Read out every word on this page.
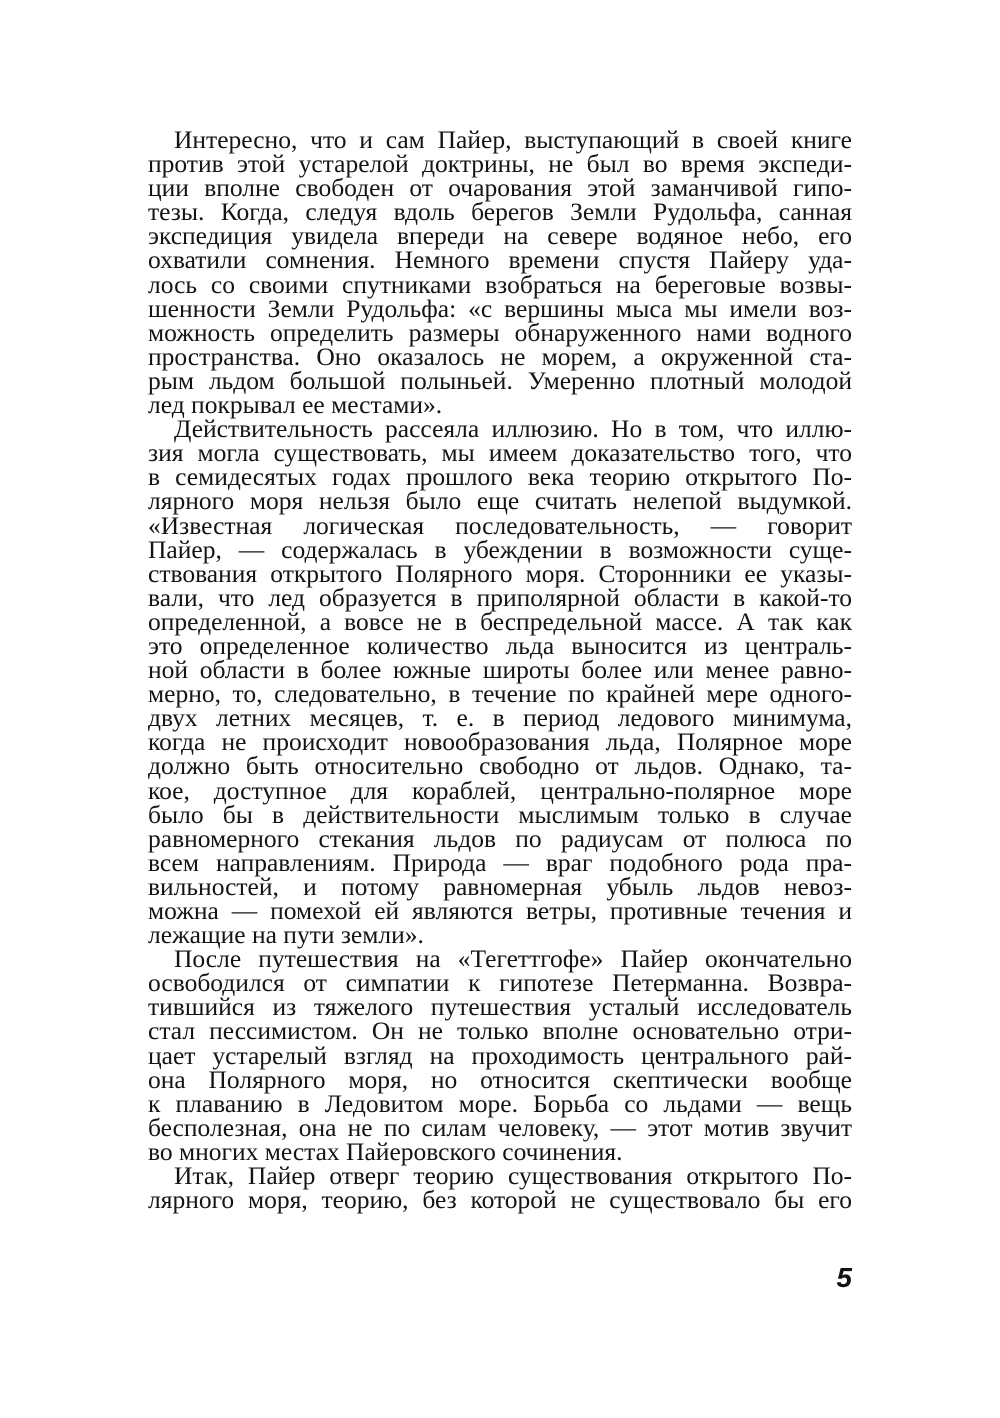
Интересно, что и сам Пайер, выступающий в своей книге
против этой устарелой доктрины, не был во время экспеди-
ции вполне свободен от очарования этой заманчивой гипо-
тезы. Когда, следуя вдоль берегов Земли Рудольфа, санная
экспедиция увидела впереди на севере водяное небо, его
охватили сомнения. Немного времени спустя Пайеру уда-
лось со своими спутниками взобраться на береговые возвы-
шенности Земли Рудольфа: «с вершины мыса мы имели воз-
можность определить размеры обнаруженного нами водного
пространства. Оно оказалось не морем, а окруженной ста-
рым льдом большой полыньей. Умеренно плотный молодой
лед покрывал ее местами».

Действительность рассеяла иллюзию. Но в том, что иллю-
зия могла существовать, мы имеем доказательство того, что
в семидесятых годах прошлого века теорию открытого По-
лярного моря нельзя было еще считать нелепой выдумкой.
«Известная логическая последовательность, — говорит
Пайер, — содержалась в убеждении в возможности суще-
ствования открытого Полярного моря. Сторонники ее указы-
вали, что лед образуется в приполярной области в какой-то
определенной, а вовсе не в беспредельной массе. А так как
это определенное количество льда выносится из централь-
ной области в более южные широты более или менее равно-
мерно, то, следовательно, в течение по крайней мере одного-
двух летних месяцев, т. е. в период ледового минимума,
когда не происходит новообразования льда, Полярное море
должно быть относительно свободно от льдов. Однако, та-
кое, доступное для кораблей, центрально-полярное море
было бы в действительности мыслимым только в случае
равномерного стекания льдов по радиусам от полюса по
всем направлениям. Природа — враг подобного рода пра-
вильностей, и потому равномерная убыль льдов невоз-
можна — помехой ей являются ветры, противные течения и
лежащие на пути земли».

После путешествия на «Тегеттгофе» Пайер окончательно
освободился от симпатии к гипотезе Петерманна. Возвра-
тившийся из тяжелого путешествия усталый исследователь
стал пессимистом. Он не только вполне основательно отри-
цает устарелый взгляд на проходимость центрального рай-
она Полярного моря, но относится скептически вообще
к плаванию в Ледовитом море. Борьба со льдами — вещь
бесполезная, она не по силам человеку, — этот мотив звучит
во многих местах Пайеровского сочинения.

Итак, Пайер отверг теорию существования открытого По-
лярного моря, теорию, без которой не существовало бы его

5
